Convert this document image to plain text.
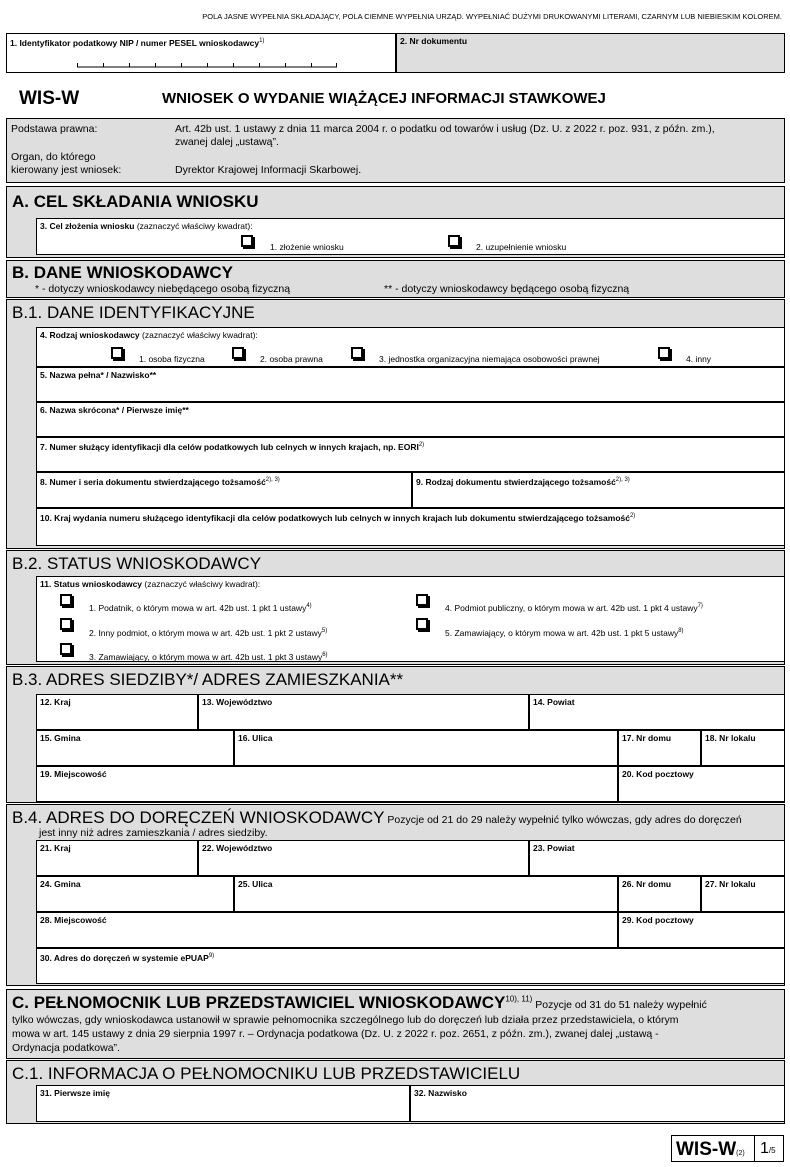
POLA JASNE WYPEŁNIA SKŁADAJĄCY, POLA CIEMNE WYPEŁNIA URZĄD. WYPEŁNIAĆ DUŻYMI DRUKOWANYMI LITERAMI, CZARNYM LUB NIEBIESKIM KOLOREM.
1. Identyfikator podatkowy NIP / numer PESEL wnioskodawcy$^{1)}$	2. Nr dokumentu
WIS-W	WNIOSEK O WYDANIE WIĄŻĄCEJ INFORMACJI STAWKOWEJ
Podstawa prawna:	Art. 42b ust. 1 ustawy z dnia 11 marca 2004 r. o podatku od towarów i usług (Dz. U. z 2022 r. poz. 931, z późn. zm.),
zwanej dalej „ustawą”.
Organ, do którego
kierowany jest wniosek:	Dyrektor Krajowej Informacji Skarbowej.
A. CEL SKŁADANIA WNIOSKU
3. Cel złożenia wniosku (zaznaczyć właściwy kwadrat):
1. złożenie wniosku	2. uzupełnienie wniosku
B. DANE WNIOSKODAWCY
* - dotyczy wnioskodawcy niebędącego osobą fizyczną	** - dotyczy wnioskodawcy będącego osobą fizyczną
B.1. DANE IDENTYFIKACYJNE
4. Rodzaj wnioskodawcy (zaznaczyć właściwy kwadrat):
1. osoba fizyczna	2. osoba prawna	3. jednostka organizacyjna niemająca osobowości prawnej	4. inny
5. Nazwa pełna* / Nazwisko**
6. Nazwa skrócona* / Pierwsze imię**
7. Numer służący identyfikacji dla celów podatkowych lub celnych w innych krajach, np. EORI$^{2)}$
8. Numer i seria dokumentu stwierdzającego tożsamość$^{2), 3)}$	9. Rodzaj dokumentu stwierdzającego tożsamość$^{2), 3)}$
10. Kraj wydania numeru służącego identyfikacji dla celów podatkowych lub celnych w innych krajach lub dokumentu stwierdzającego tożsamość$^{2)}$
B.2. STATUS WNIOSKODAWCY
11. Status wnioskodawcy (zaznaczyć właściwy kwadrat):
1. Podatnik, o którym mowa w art. 42b ust. 1 pkt 1 ustawy$^{4)}$
2. Inny podmiot, o którym mowa w art. 42b ust. 1 pkt 2 ustawy$^{5)}$
3. Zamawiający, o którym mowa w art. 42b ust. 1 pkt 3 ustawy$^{6)}$
4. Podmiot publiczny, o którym mowa w art. 42b ust. 1 pkt 4 ustawy$^{7)}$
5. Zamawiający, o którym mowa w art. 42b ust. 1 pkt 5 ustawy$^{8)}$
B.3. ADRES SIEDZIBY*/ ADRES ZAMIESZKANIA**
12. Kraj	13. Województwo	14. Powiat
15. Gmina	16. Ulica	17. Nr domu	18. Nr lokalu
19. Miejscowość	20. Kod pocztowy
B.4. ADRES DO DORĘCZEŃ WNIOSKODAWCY Pozycje od 21 do 29 należy wypełnić tylko wówczas, gdy adres do doręczeń
jest inny niż adres zamieszkania / adres siedziby.
21. Kraj	22. Województwo	23. Powiat
24. Gmina	25. Ulica	26. Nr domu	27. Nr lokalu
28. Miejscowość	29. Kod pocztowy
30. Adres do doręczeń w systemie ePUAP$^{9)}$
C. PEŁNOMOCNIK LUB PRZEDSTAWICIEL $WNIOSKODAWCY^{10), 11)}$ Pozycje od 31 do 51 należy wypełnić
tylko wówczas, gdy wnioskodawca ustanowił w sprawie pełnomocnika szczególnego lub do doręczeń lub działa przez przedstawiciela, o którym
mowa w art. 145 ustawy z dnia 29 sierpnia 1997 r. – Ordynacja podatkowa (Dz. U. z 2022 r. poz. 2651, z późn. zm.), zwanej dalej „ustawą -
Ordynacja podatkowa”.
C.1. INFORMACJA O PEŁNOMOCNIKU LUB PRZEDSTAWICIELU
31. Pierwsze imię	32. Nazwisko
WIS-W(2) 1/5
